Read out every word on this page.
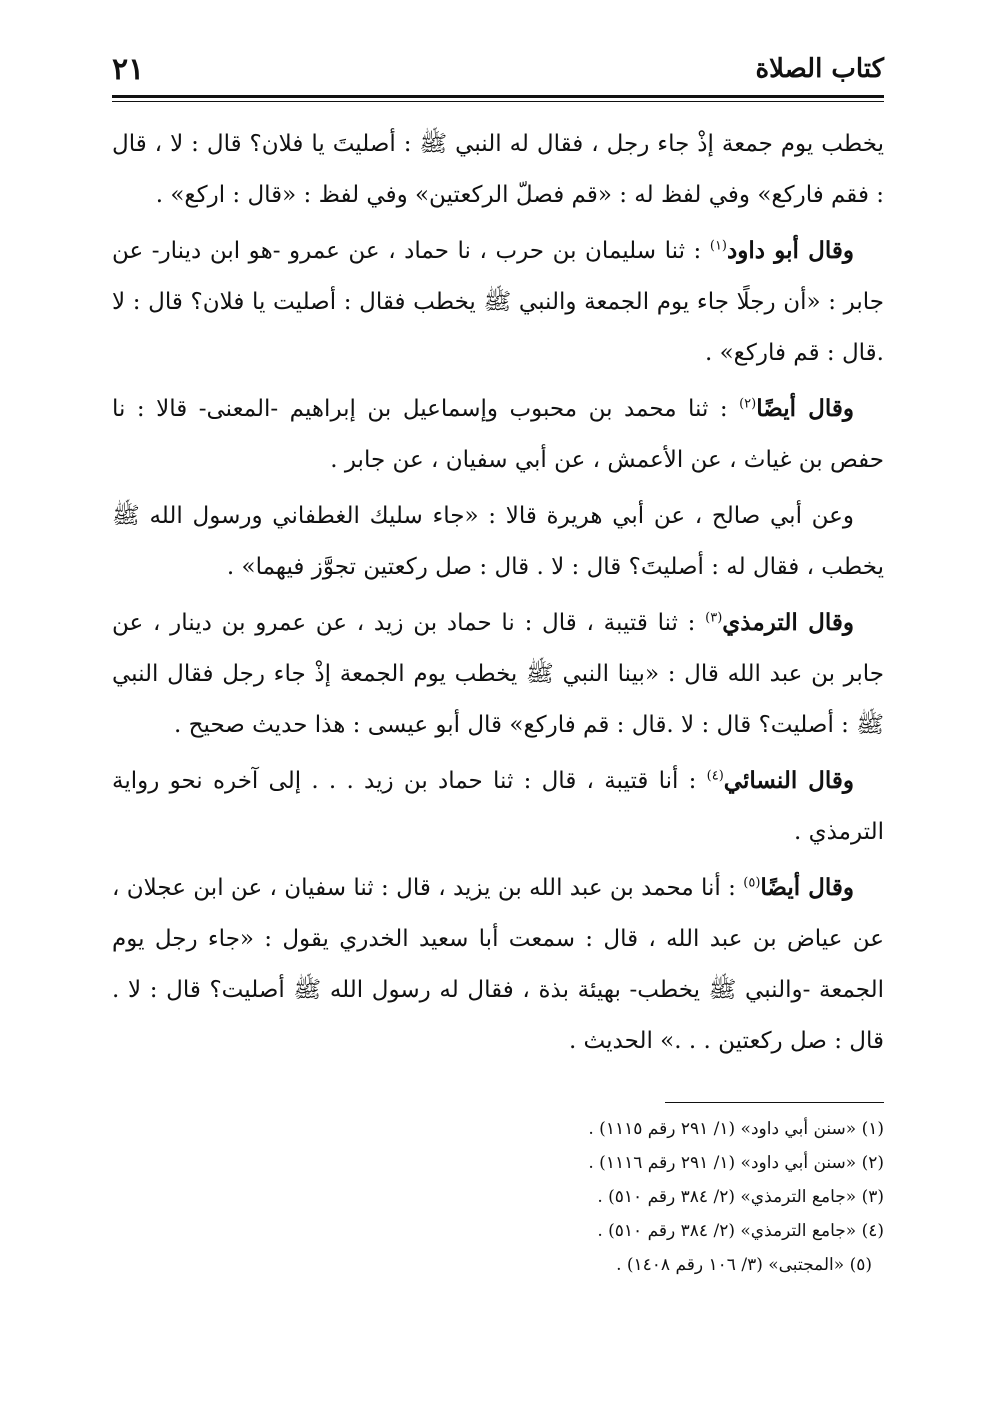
٢١	كتاب الصلاة

يخطب يوم جمعة إذْ جاء رجل ، فقال له النبي ﷺ : أصليتَ يا فلان؟ قال : لا ، قال : فقم فاركع» وفي لفظ له : «قم فصلّ الركعتين» وفي لفظ : «قال : اركع» .

وقال أبو داود$^{(١)}$ : ثنا سليمان بن حرب ، نا حماد ، عن عمرو -هو ابن دينار- عن جابر : «أن رجلًا جاء يوم الجمعة والنبي ﷺ يخطب فقال : أصليت يا فلان؟ قال : لا .قال : قم فاركع» .

وقال أيضًا$^{(٢)}$ : ثنا محمد بن محبوب وإسماعيل بن إبراهيم -المعنى- قالا : نا حفص بن غياث ، عن الأعمش ، عن أبي سفيان ، عن جابر .

وعن أبي صالح ، عن أبي هريرة قالا : «جاء سليك الغطفاني ورسول الله ﷺ يخطب ، فقال له : أصليتَ؟ قال : لا . قال : صل ركعتين تجوَّز فيهما» .

وقال الترمذي$^{(٣)}$ : ثنا قتيبة ، قال : نا حماد بن زيد ، عن عمرو بن دينار ، عن جابر بن عبد الله قال : «بينا النبي ﷺ يخطب يوم الجمعة إذْ جاء رجل فقال النبي ﷺ : أصليت؟ قال : لا .قال : قم فاركع» قال أبو عيسى : هذا حديث صحيح .

وقال النسائي$^{(٤)}$ : أنا قتيبة ، قال : ثنا حماد بن زيد . . . إلى آخره نحو رواية الترمذي .

وقال أيضًا$^{(٥)}$ : أنا محمد بن عبد الله بن يزيد ، قال : ثنا سفيان ، عن ابن عجلان ، عن عياض بن عبد الله ، قال : سمعت أبا سعيد الخدري يقول : «جاء رجل يوم الجمعة -والنبي ﷺ يخطب- بهيئة بذة ، فقال له رسول الله ﷺ أصليت؟ قال : لا . قال : صل ركعتين . . .» الحديث .

(١) «سنن أبي داود» (١/ ٢٩١ رقم ١١١٥) .

(٢) «سنن أبي داود» (١/ ٢٩١ رقم ١١١٦) .

(٣) «جامع الترمذي» (٢/ ٣٨٤ رقم ٥١٠) .

(٤) «جامع الترمذي» (٢/ ٣٨٤ رقم ٥١٠) .

(٥) «المجتبى» (٣/ ١٠٦ رقم ١٤٠٨) .
